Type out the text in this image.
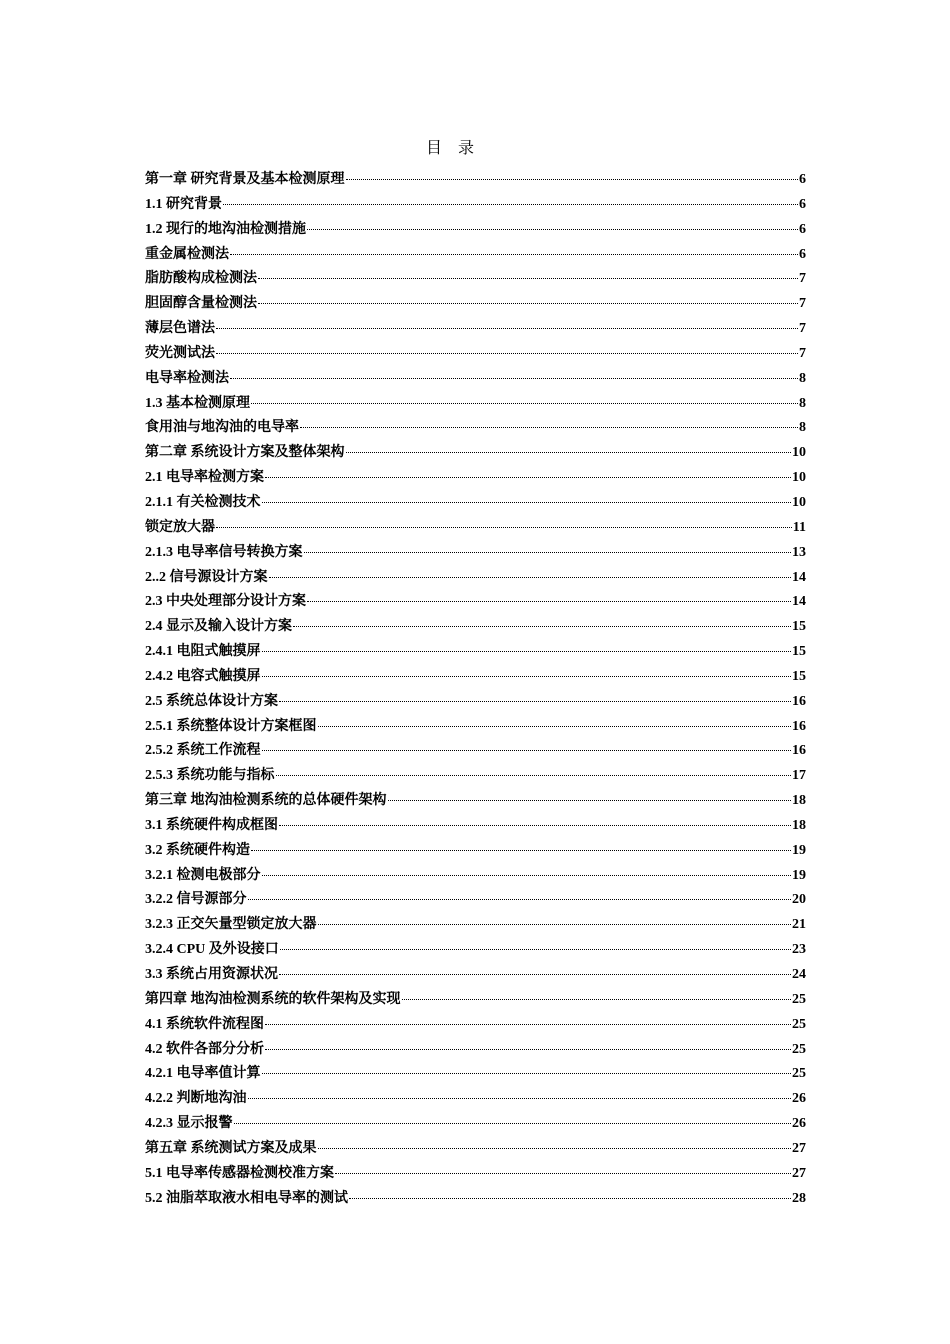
目 录
第一章 研究背景及基本检测原理	6
1.1 研究背景	6
1.2 现行的地沟油检测措施	6
重金属检测法	6
脂肪酸构成检测法	7
胆固醇含量检测法	7
薄层色谱法	7
荧光测试法	7
电导率检测法	8
1.3 基本检测原理	8
食用油与地沟油的电导率	8
第二章 系统设计方案及整体架构	10
2.1 电导率检测方案	10
2.1.1 有关检测技术	10
锁定放大器	11
2.1.3 电导率信号转换方案	13
2..2 信号源设计方案	14
2.3 中央处理部分设计方案	14
2.4 显示及输入设计方案	15
2.4.1 电阻式触摸屏	15
2.4.2 电容式触摸屏	15
2.5 系统总体设计方案	16
2.5.1 系统整体设计方案框图	16
2.5.2 系统工作流程	16
2.5.3 系统功能与指标	17
第三章 地沟油检测系统的总体硬件架构	18
3.1 系统硬件构成框图	18
3.2 系统硬件构造	19
3.2.1 检测电极部分	19
3.2.2 信号源部分	20
3.2.3 正交矢量型锁定放大器	21
3.2.4 CPU 及外设接口	23
3.3 系统占用资源状况	24
第四章 地沟油检测系统的软件架构及实现	25
4.1 系统软件流程图	25
4.2 软件各部分分析	25
4.2.1 电导率值计算	25
4.2.2 判断地沟油	26
4.2.3 显示报警	26
第五章 系统测试方案及成果	27
5.1 电导率传感器检测校准方案	27
5.2 油脂萃取液水相电导率的测试	28
